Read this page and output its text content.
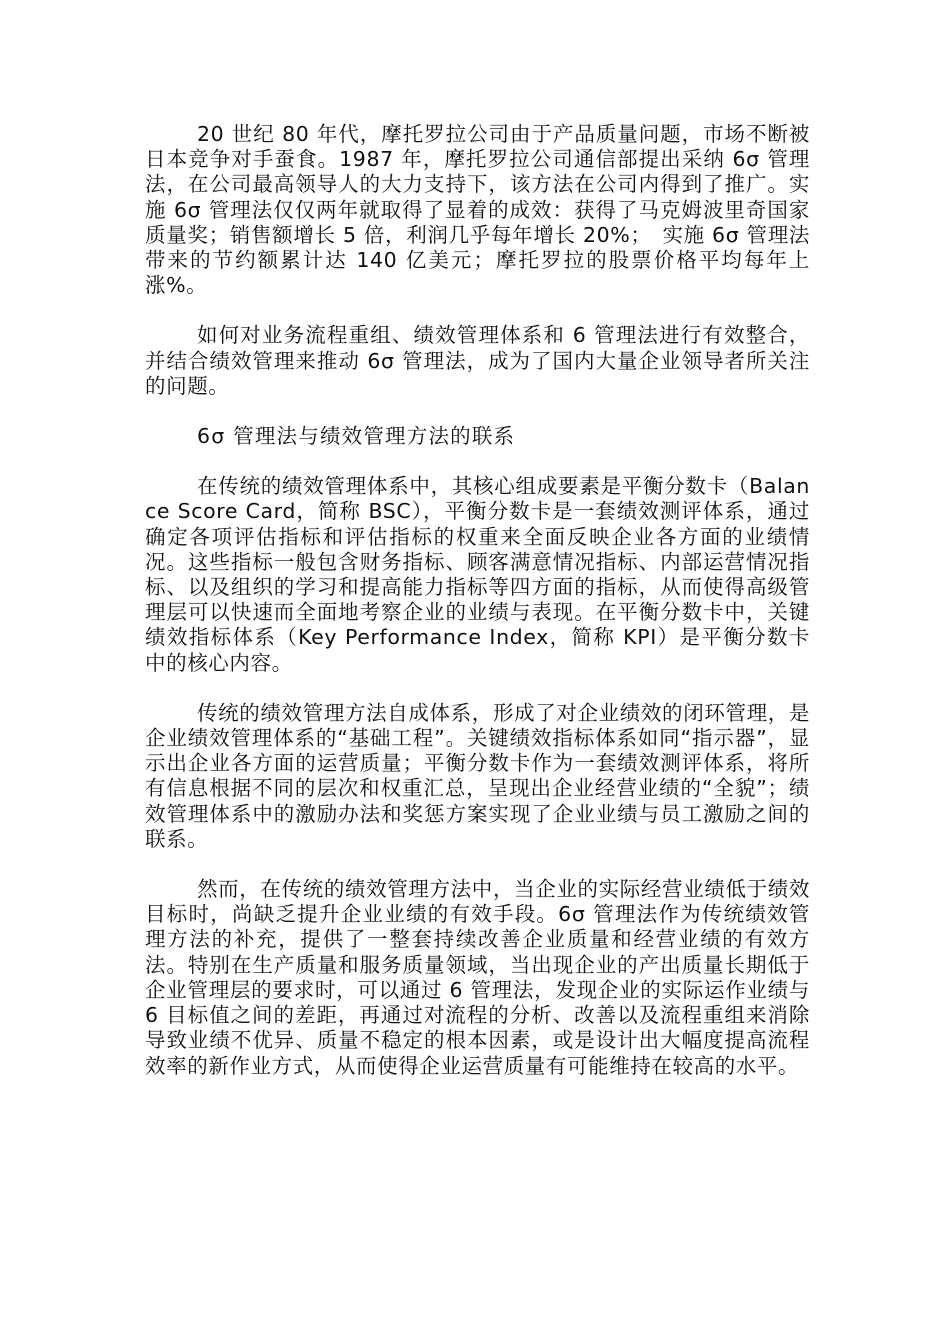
20 世纪 80 年代，摩托罗拉公司由于产品质量问题，市场不断被日本竞争对手蚕食。1987 年，摩托罗拉公司通信部提出采纳 6σ 管理法，在公司最高领导人的大力支持下，该方法在公司内得到了推广。实施 6σ 管理法仅仅两年就取得了显着的成效：获得了马克姆波里奇国家质量奖；销售额增长 5 倍，利润几乎每年增长 20%；　实施 6σ 管理法带来的节约额累计达 140 亿美元；摩托罗拉的股票价格平均每年上涨%。

如何对业务流程重组、绩效管理体系和 6 管理法进行有效整合，并结合绩效管理来推动 6σ 管理法，成为了国内大量企业领导者所关注的问题。

6σ 管理法与绩效管理方法的联系

在传统的绩效管理体系中，其核心组成要素是平衡分数卡（Balance Score Card，简称 BSC），平衡分数卡是一套绩效测评体系，通过确定各项评估指标和评估指标的权重来全面反映企业各方面的业绩情况。这些指标一般包含财务指标、顾客满意情况指标、内部运营情况指标、以及组织的学习和提高能力指标等四方面的指标，从而使得高级管理层可以快速而全面地考察企业的业绩与表现。在平衡分数卡中，关键绩效指标体系（Key Performance Index，简称 KPI）是平衡分数卡中的核心内容。

传统的绩效管理方法自成体系，形成了对企业绩效的闭环管理，是企业绩效管理体系的“基础工程”。关键绩效指标体系如同“指示器”，显示出企业各方面的运营质量；平衡分数卡作为一套绩效测评体系，将所有信息根据不同的层次和权重汇总，呈现出企业经营业绩的“全貌”；绩效管理体系中的激励办法和奖惩方案实现了企业业绩与员工激励之间的联系。

然而，在传统的绩效管理方法中，当企业的实际经营业绩低于绩效目标时，尚缺乏提升企业业绩的有效手段。6σ 管理法作为传统绩效管理方法的补充，提供了一整套持续改善企业质量和经营业绩的有效方法。特别在生产质量和服务质量领域，当出现企业的产出质量长期低于企业管理层的要求时，可以通过 6 管理法，发现企业的实际运作业绩与 6 目标值之间的差距，再通过对流程的分析、改善以及流程重组来消除导致业绩不优异、质量不稳定的根本因素，或是设计出大幅度提高流程效率的新作业方式，从而使得企业运营质量有可能维持在较高的水平。
